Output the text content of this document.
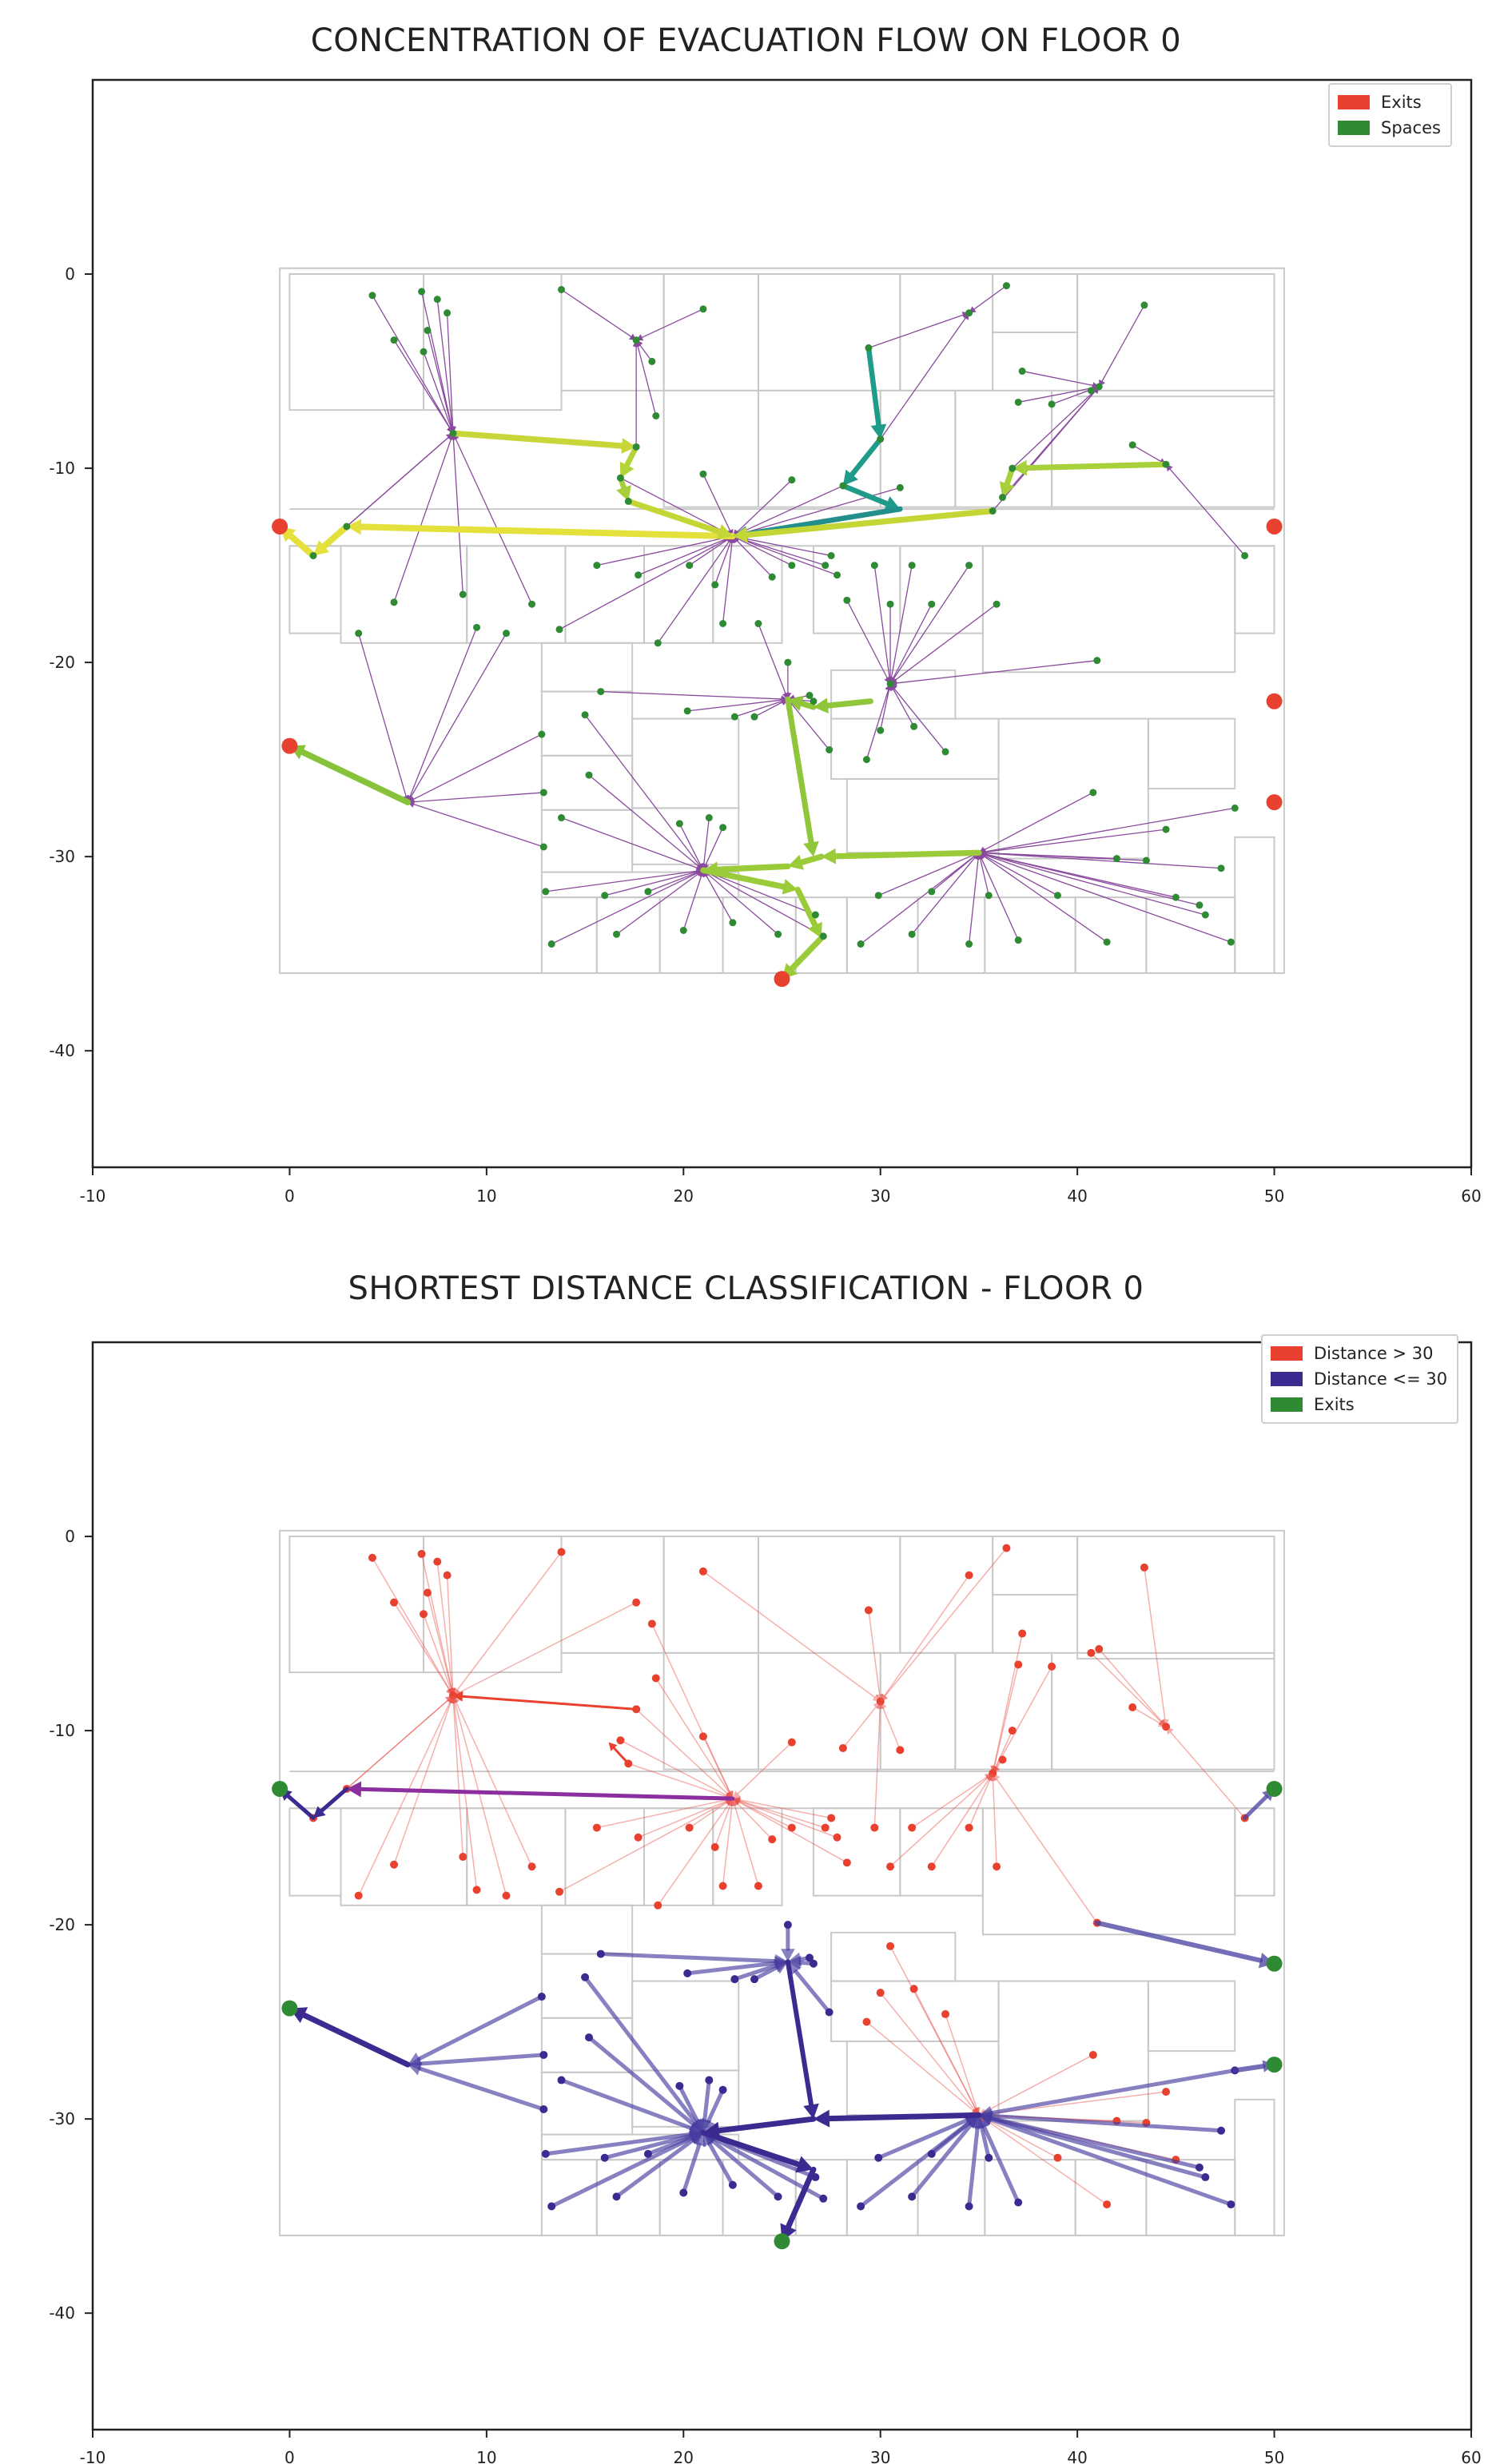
CONCENTRATION OF EVACUATION FLOW ON FLOOR 0
-10	0	10	20	30	40	50	60
0
-10
-20
-30
-40
Exits
Spaces
SHORTEST DISTANCE CLASSIFICATION - FLOOR 0
-10	0	10	20	30	40	50	60
0
-10
-20
-30
-40
Distance > 30
Distance <= 30
Exits
